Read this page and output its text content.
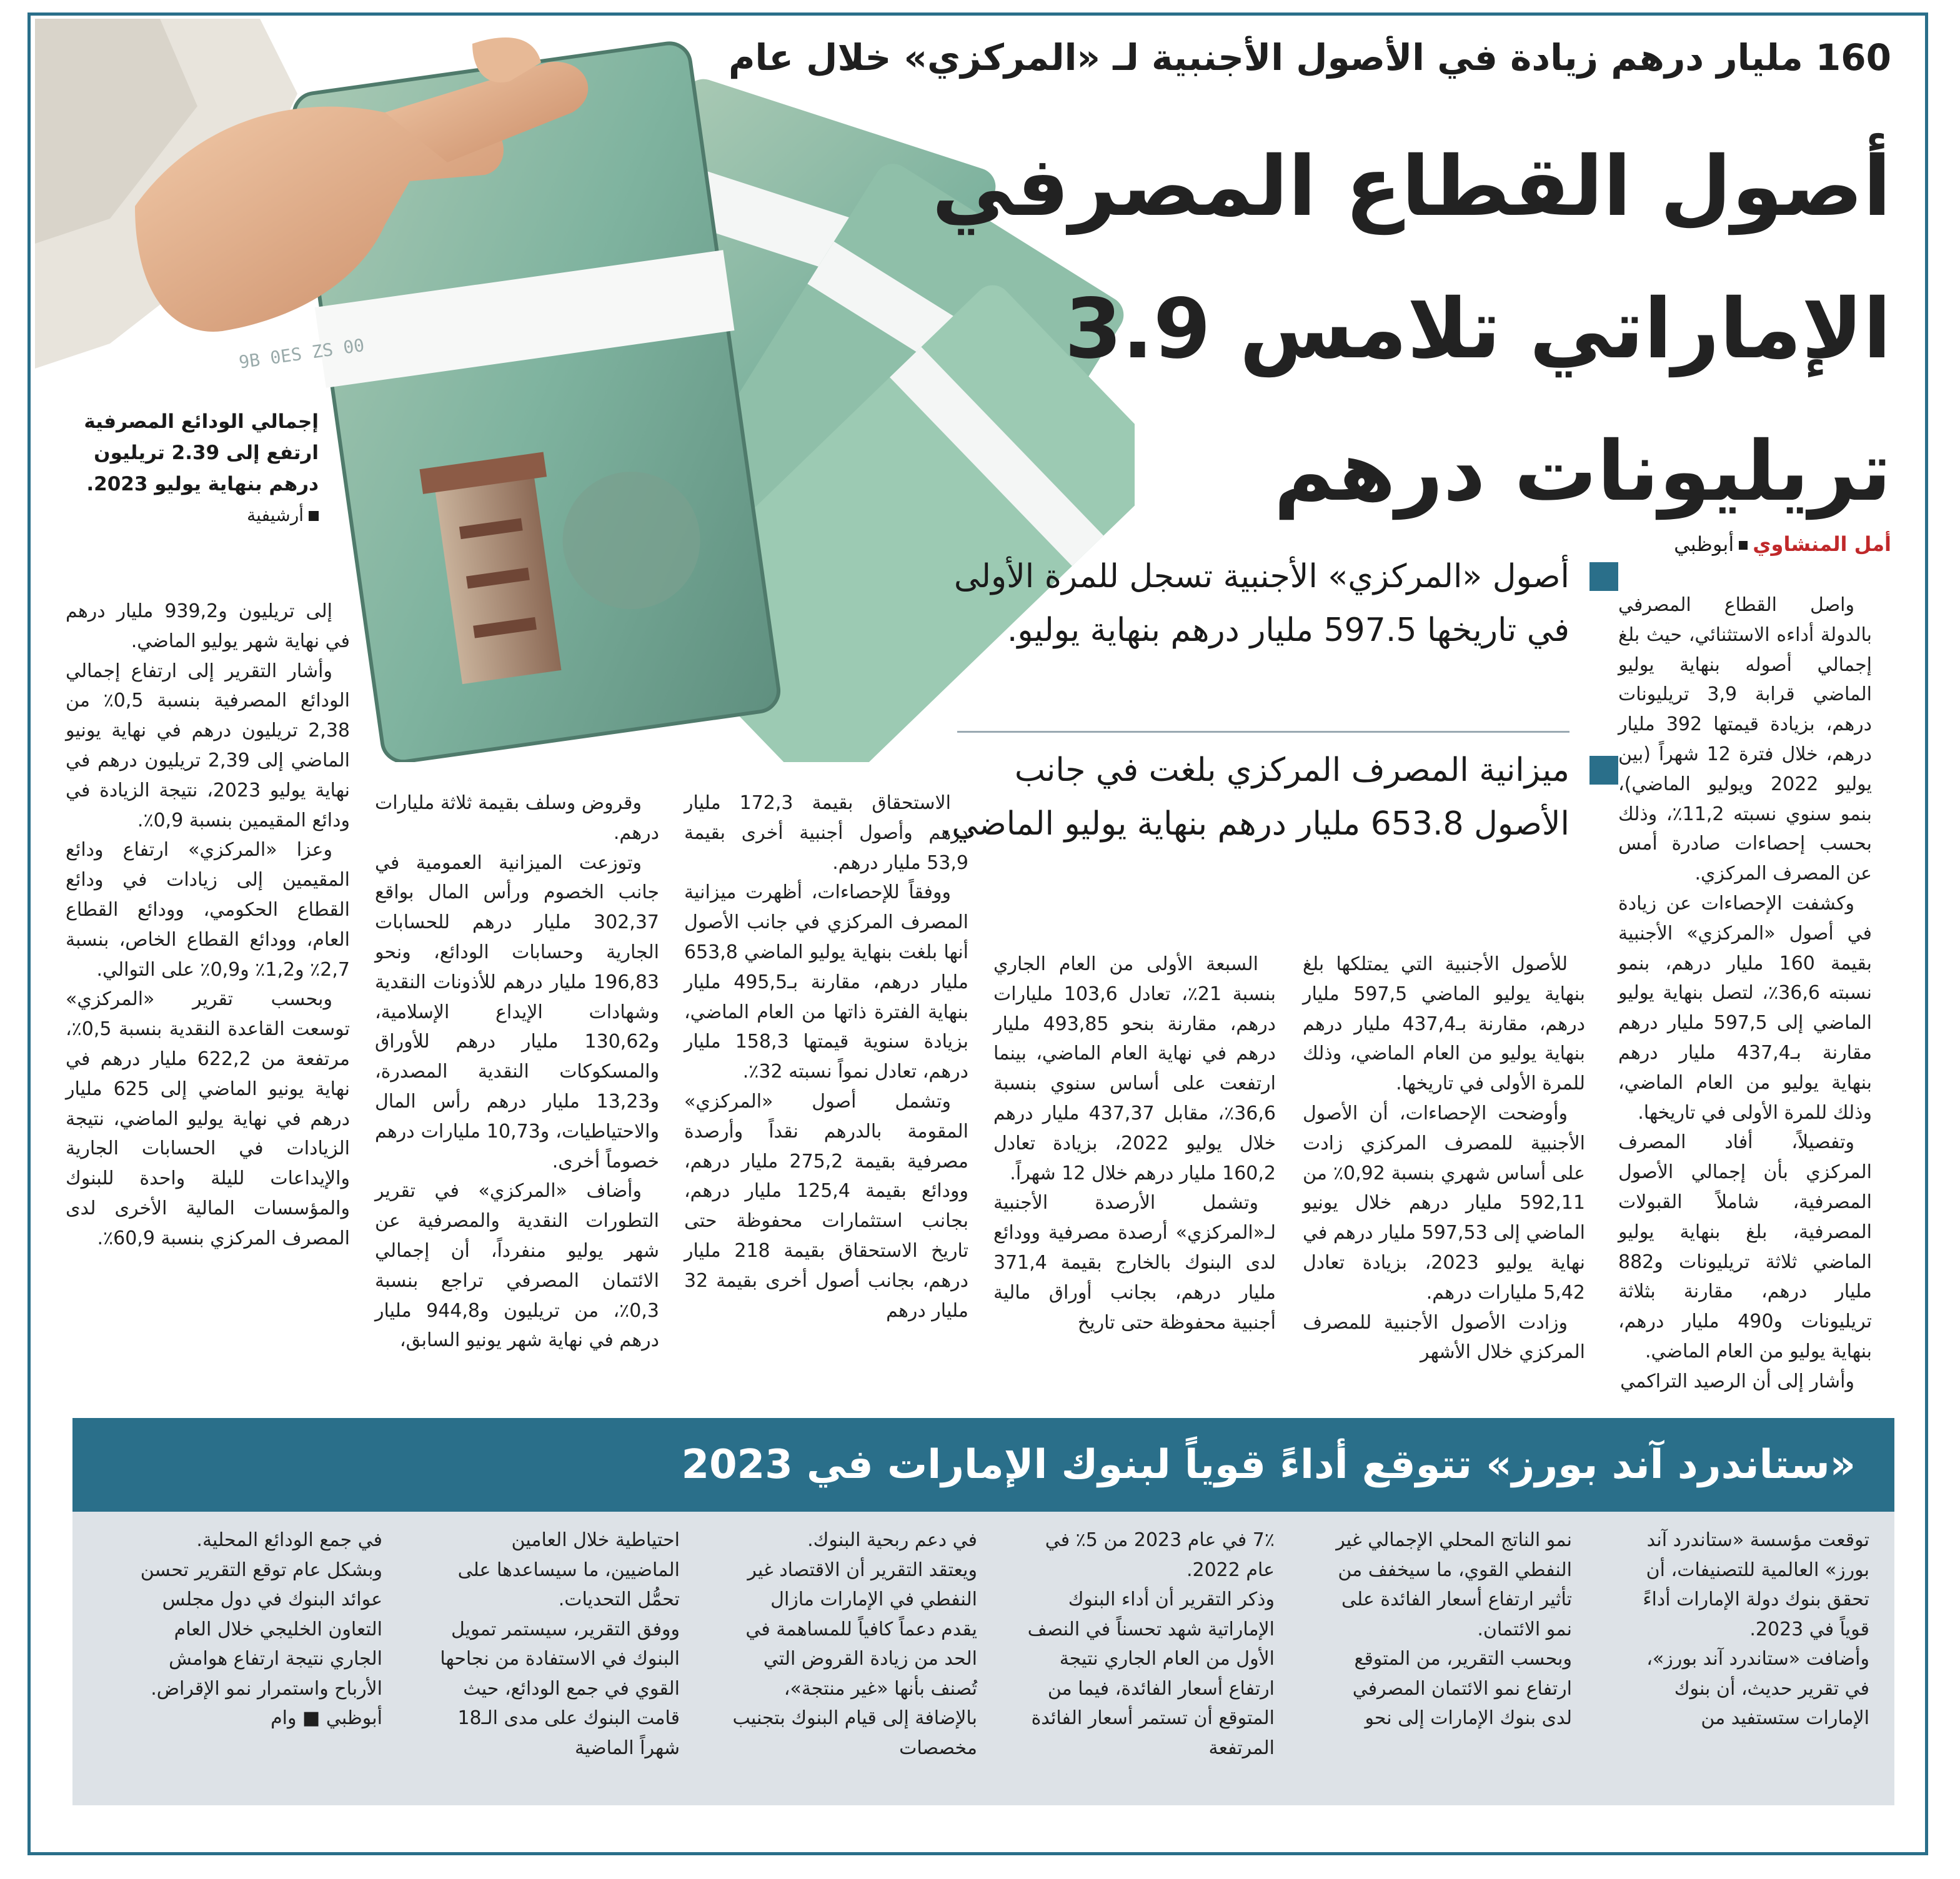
9B 0ES ZS 00
160 مليار درهم زيادة في الأصول الأجنبية لـ «المركزي» خلال عام
أصول القطاع المصرفي
الإماراتي تلامس 3.9
تريليونات درهم
إجمالي الودائع المصرفية ارتفع إلى 2.39 تريليون درهم بنهاية يوليو 2023.
أرشيفية
أمل المنشاويأبوظبي
أصول «المركزي» الأجنبية تسجل للمرة الأولى في تاريخها 597.5 مليار درهم بنهاية يوليو.
ميزانية المصرف المركزي بلغت في جانب الأصول 653.8 مليار درهم بنهاية يوليو الماضي.

واصل القطاع المصرفي بالدولة أداءه الاستثنائي، حيث بلغ إجمالي أصوله بنهاية يوليو الماضي قرابة 3,9 تريليونات درهم، بزيادة قيمتها 392 مليار درهم، خلال فترة 12 شهراً (بين يوليو 2022 ويوليو الماضي)، بنمو سنوي نسبته 11,2٪، وذلك بحسب إحصاءات صادرة أمس عن المصرف المركزي.

وكشفت الإحصاءات عن زيادة في أصول «المركزي» الأجنبية بقيمة 160 مليار درهم، بنمو نسبته 36,6٪، لتصل بنهاية يوليو الماضي إلى 597,5 مليار درهم مقارنة بـ437,4 مليار درهم بنهاية يوليو من العام الماضي، وذلك للمرة الأولى في تاريخها.

وتفصيلاً، أفاد المصرف المركزي بأن إجمالي الأصول المصرفية، شاملاً القبولات المصرفية، بلغ بنهاية يوليو الماضي ثلاثة تريليونات و882 مليار درهم، مقارنة بثلاثة تريليونات و490 مليار درهم، بنهاية يوليو من العام الماضي.

وأشار إلى أن الرصيد التراكمي

للأصول الأجنبية التي يمتلكها بلغ بنهاية يوليو الماضي 597,5 مليار درهم، مقارنة بـ437,4 مليار درهم بنهاية يوليو من العام الماضي، وذلك للمرة الأولى في تاريخها.

وأوضحت الإحصاءات، أن الأصول الأجنبية للمصرف المركزي زادت على أساس شهري بنسبة 0,92٪ من 592,11 مليار درهم خلال يونيو الماضي إلى 597,53 مليار درهم في نهاية يوليو 2023، بزيادة تعادل 5,42 مليارات درهم.

وزادت الأصول الأجنبية للمصرف المركزي خلال الأشهر

السبعة الأولى من العام الجاري بنسبة 21٪، تعادل 103,6 مليارات درهم، مقارنة بنحو 493,85 مليار درهم في نهاية العام الماضي، بينما ارتفعت على أساس سنوي بنسبة 36,6٪، مقابل 437,37 مليار درهم خلال يوليو 2022، بزيادة تعادل 160,2 مليار درهم خلال 12 شهراً.

وتشمل الأرصدة الأجنبية لـ«المركزي» أرصدة مصرفية وودائع لدى البنوك بالخارج بقيمة 371,4 مليار درهم، بجانب أوراق مالية أجنبية محفوظة حتى تاريخ

الاستحقاق بقيمة 172,3 مليار درهم وأصول أجنبية أخرى بقيمة 53,9 مليار درهم.

ووفقاً للإحصاءات، أظهرت ميزانية المصرف المركزي في جانب الأصول أنها بلغت بنهاية يوليو الماضي 653,8 مليار درهم، مقارنة بـ495,5 مليار بنهاية الفترة ذاتها من العام الماضي، بزيادة سنوية قيمتها 158,3 مليار درهم، تعادل نمواً نسبته 32٪.

وتشمل أصول «المركزي» المقومة بالدرهم نقداً وأرصدة مصرفية بقيمة 275,2 مليار درهم، وودائع بقيمة 125,4 مليار درهم، بجانب استثمارات محفوظة حتى تاريخ الاستحقاق بقيمة 218 مليار درهم، بجانب أصول أخرى بقيمة 32 مليار درهم

وقروض وسلف بقيمة ثلاثة مليارات درهم.

وتوزعت الميزانية العمومية في جانب الخصوم ورأس المال بواقع 302,37 مليار درهم للحسابات الجارية وحسابات الودائع، ونحو 196,83 مليار درهم للأذونات النقدية وشهادات الإيداع الإسلامية، و130,62 مليار درهم للأوراق والمسكوكات النقدية المصدرة، و13,23 مليار درهم رأس المال والاحتياطيات، و10,73 مليارات درهم خصوماً أخرى.

وأضاف «المركزي» في تقرير التطورات النقدية والمصرفية عن شهر يوليو منفرداً، أن إجمالي الائتمان المصرفي تراجع بنسبة 0,3٪، من تريليون و944,8 مليار درهم في نهاية شهر يونيو السابق،

إلى تريليون و939,2 مليار درهم في نهاية شهر يوليو الماضي.

وأشار التقرير إلى ارتفاع إجمالي الودائع المصرفية بنسبة 0,5٪ من 2,38 تريليون درهم في نهاية يونيو الماضي إلى 2,39 تريليون درهم في نهاية يوليو 2023، نتيجة الزيادة في ودائع المقيمين بنسبة 0,9٪.

وعزا «المركزي» ارتفاع ودائع المقيمين إلى زيادات في ودائع القطاع الحكومي، وودائع القطاع العام، وودائع القطاع الخاص، بنسبة 2,7٪ و1,2٪ و0,9٪ على التوالي.

وبحسب تقرير «المركزي» توسعت القاعدة النقدية بنسبة 0,5٪، مرتفعة من 622,2 مليار درهم في نهاية يونيو الماضي إلى 625 مليار درهم في نهاية يوليو الماضي، نتيجة الزيادات في الحسابات الجارية والإيداعات لليلة واحدة للبنوك والمؤسسات المالية الأخرى لدى المصرف المركزي بنسبة 60,9٪.

«ستاندرد آند بورز» تتوقع أداءً قوياً لبنوك الإمارات في 2023

توقعت مؤسسة «ستاندرد آند بورز» العالمية للتصنيفات، أن تحقق بنوك دولة الإمارات أداءً قوياً في 2023.

وأضافت «ستاندرد آند بورز»، في تقرير حديث، أن بنوك الإمارات ستستفيد من

نمو الناتج المحلي الإجمالي غير النفطي القوي، ما سيخفف من تأثير ارتفاع أسعار الفائدة على نمو الائتمان.

وبحسب التقرير، من المتوقع ارتفاع نمو الائتمان المصرفي لدى بنوك الإمارات إلى نحو

7٪ في عام 2023 من 5٪ في عام 2022.

وذكر التقرير أن أداء البنوك الإماراتية شهد تحسناً في النصف الأول من العام الجاري نتيجة ارتفاع أسعار الفائدة، فيما من المتوقع أن تستمر أسعار الفائدة المرتفعة

في دعم ربحية البنوك.

ويعتقد التقرير أن الاقتصاد غير النفطي في الإمارات مازال يقدم دعماً كافياً للمساهمة في الحد من زيادة القروض التي تُصنف بأنها «غير منتجة»، بالإضافة إلى قيام البنوك بتجنيب مخصصات

احتياطية خلال العامين الماضيين، ما سيساعدها على تحمُّل التحديات.

ووفق التقرير، سيستمر تمويل البنوك في الاستفادة من نجاحها القوي في جمع الودائع، حيث قامت البنوك على مدى الـ18 شهراً الماضية

في جمع الودائع المحلية.

وبشكل عام توقع التقرير تحسن عوائد البنوك في دول مجلس التعاون الخليجي خلال العام الجاري نتيجة ارتفاع هوامش الأرباح واستمرار نمو الإقراض.

أبوظبي ■ وام
